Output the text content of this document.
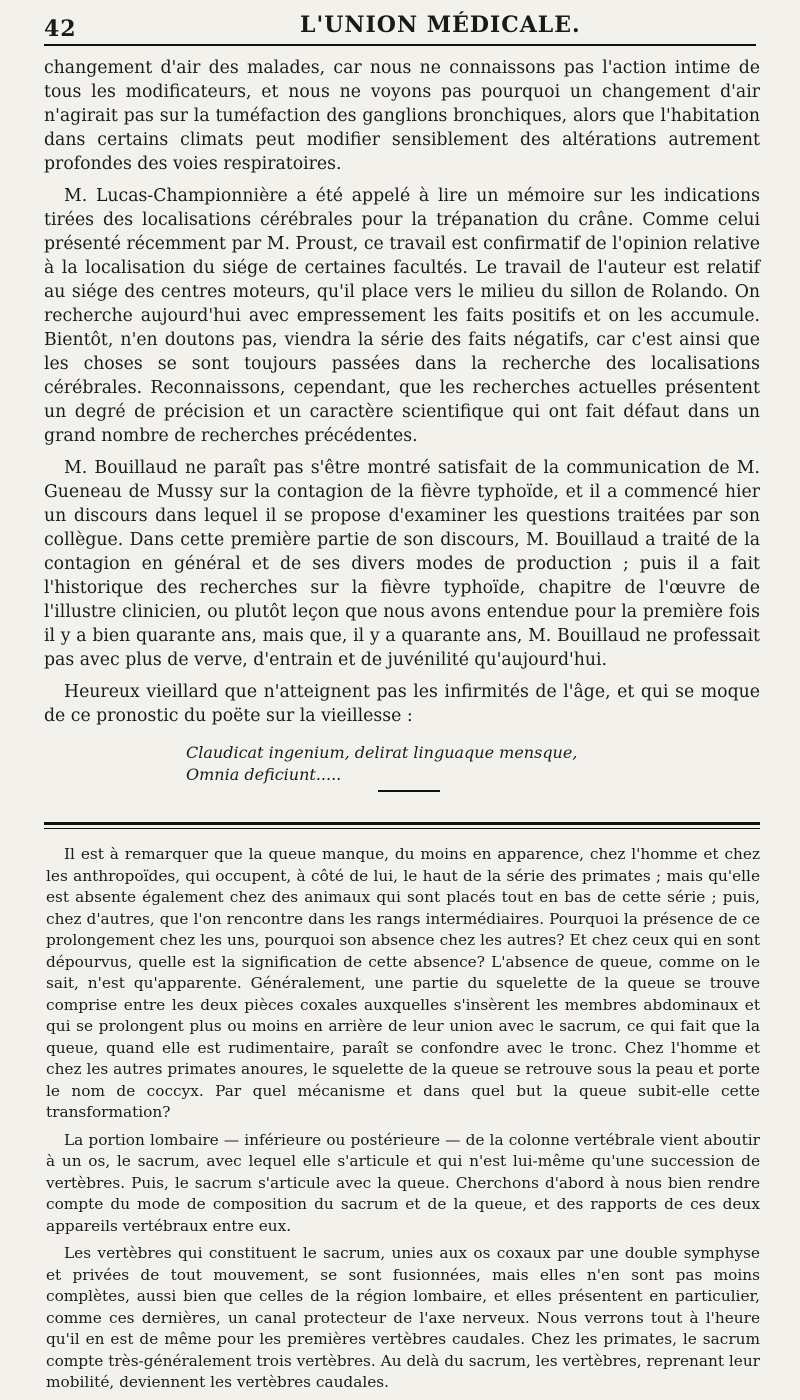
42	L'UNION MÉDICALE.

changement d'air des malades, car nous ne connaissons pas l'action intime de tous les modificateurs, et nous ne voyons pas pourquoi un changement d'air n'agirait pas sur la tuméfaction des ganglions bronchiques, alors que l'habitation dans certains climats peut modifier sensiblement des altérations autrement profondes des voies respiratoires.

M. Lucas-Championnière a été appelé à lire un mémoire sur les indications tirées des localisations cérébrales pour la trépanation du crâne. Comme celui présenté récemment par M. Proust, ce travail est confirmatif de l'opinion relative à la localisation du siége de certaines facultés. Le travail de l'auteur est relatif au siége des centres moteurs, qu'il place vers le milieu du sillon de Rolando. On recherche aujourd'hui avec empressement les faits positifs et on les accumule. Bientôt, n'en doutons pas, viendra la série des faits négatifs, car c'est ainsi que les choses se sont toujours passées dans la recherche des localisations cérébrales. Reconnaissons, cependant, que les recherches actuelles présentent un degré de précision et un caractère scientifique qui ont fait défaut dans un grand nombre de recherches précédentes.

M. Bouillaud ne paraît pas s'être montré satisfait de la communication de M. Gueneau de Mussy sur la contagion de la fièvre typhoïde, et il a commencé hier un discours dans lequel il se propose d'examiner les questions traitées par son collègue. Dans cette première partie de son discours, M. Bouillaud a traité de la contagion en général et de ses divers modes de production ; puis il a fait l'historique des recherches sur la fièvre typhoïde, chapitre de l'œuvre de l'illustre clinicien, ou plutôt leçon que nous avons entendue pour la première fois il y a bien quarante ans, mais que, il y a quarante ans, M. Bouillaud ne professait pas avec plus de verve, d'entrain et de juvénilité qu'aujourd'hui.

Heureux vieillard que n'atteignent pas les infirmités de l'âge, et qui se moque de ce pronostic du poëte sur la vieillesse :

Claudicat ingenium, delirat linguaque mensque,
Omnia deficiunt.....

Il est à remarquer que la queue manque, du moins en apparence, chez l'homme et chez les anthropoïdes, qui occupent, à côté de lui, le haut de la série des primates ; mais qu'elle est absente également chez des animaux qui sont placés tout en bas de cette série ; puis, chez d'autres, que l'on rencontre dans les rangs intermédiaires. Pourquoi la présence de ce prolongement chez les uns, pourquoi son absence chez les autres? Et chez ceux qui en sont dépourvus, quelle est la signification de cette absence? L'absence de queue, comme on le sait, n'est qu'apparente. Généralement, une partie du squelette de la queue se trouve comprise entre les deux pièces coxales auxquelles s'insèrent les membres abdominaux et qui se prolongent plus ou moins en arrière de leur union avec le sacrum, ce qui fait que la queue, quand elle est rudimentaire, paraît se confondre avec le tronc. Chez l'homme et chez les autres primates anoures, le squelette de la queue se retrouve sous la peau et porte le nom de coccyx. Par quel mécanisme et dans quel but la queue subit-elle cette transformation?

La portion lombaire — inférieure ou postérieure — de la colonne vertébrale vient aboutir à un os, le sacrum, avec lequel elle s'articule et qui n'est lui-même qu'une succession de vertèbres. Puis, le sacrum s'articule avec la queue. Cherchons d'abord à nous bien rendre compte du mode de composition du sacrum et de la queue, et des rapports de ces deux appareils vertébraux entre eux.

Les vertèbres qui constituent le sacrum, unies aux os coxaux par une double symphyse et privées de tout mouvement, se sont fusionnées, mais elles n'en sont pas moins complètes, aussi bien que celles de la région lombaire, et elles présentent en particulier, comme ces dernières, un canal protecteur de l'axe nerveux. Nous verrons tout à l'heure qu'il en est de même pour les premières vertèbres caudales. Chez les primates, le sacrum compte très-généralement trois vertèbres. Au delà du sacrum, les vertèbres, reprenant leur mobilité, deviennent les vertèbres caudales.
